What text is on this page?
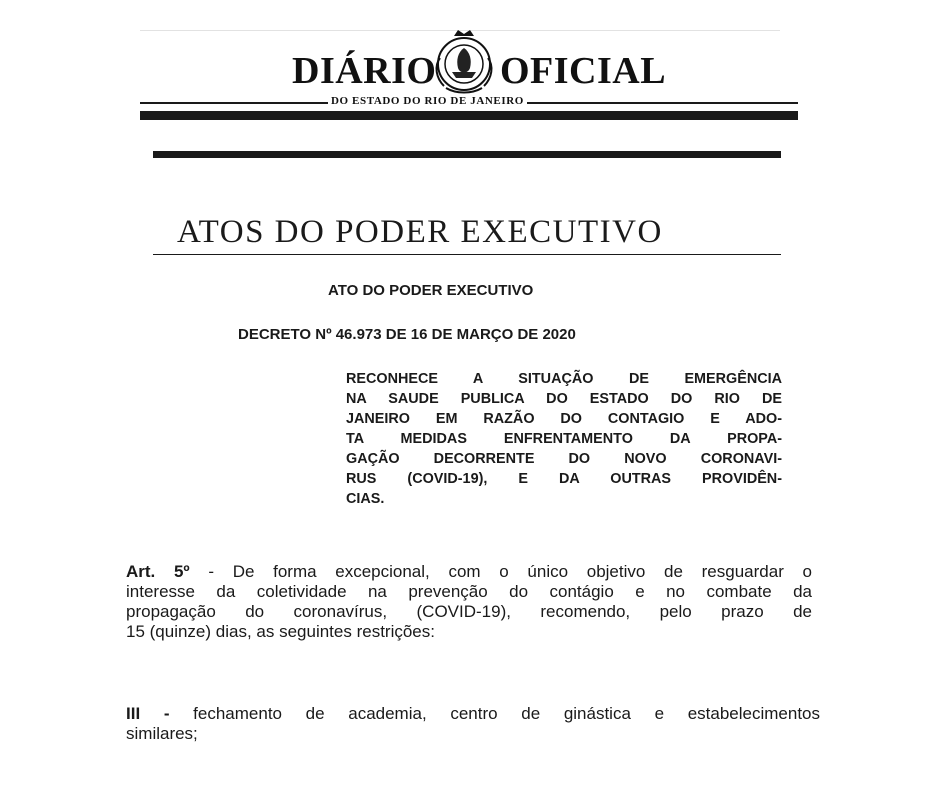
DIÁRIO OFICIAL
DO ESTADO DO RIO DE JANEIRO
ATOS DO PODER EXECUTIVO
ATO DO PODER EXECUTIVO
DECRETO Nº 46.973 DE 16 DE MARÇO DE 2020
RECONHECE A SITUAÇÃO DE EMERGÊNCIA
NA SAUDE PUBLICA DO ESTADO DO RIO DE
JANEIRO EM RAZÃO DO CONTAGIO E ADO-
TA MEDIDAS ENFRENTAMENTO DA PROPA-
GAÇÃO DECORRENTE DO NOVO CORONAVI-
RUS (COVID-19), E DA OUTRAS PROVIDÊN-
CIAS.
Art. 5º - De forma excepcional, com o único objetivo de resguardar o
interesse da coletividade na prevenção do contágio e no combate da
propagação do coronavírus, (COVID-19), recomendo, pelo prazo de
15 (quinze) dias, as seguintes restrições:
III - fechamento de academia, centro de ginástica e estabelecimentos
similares;
